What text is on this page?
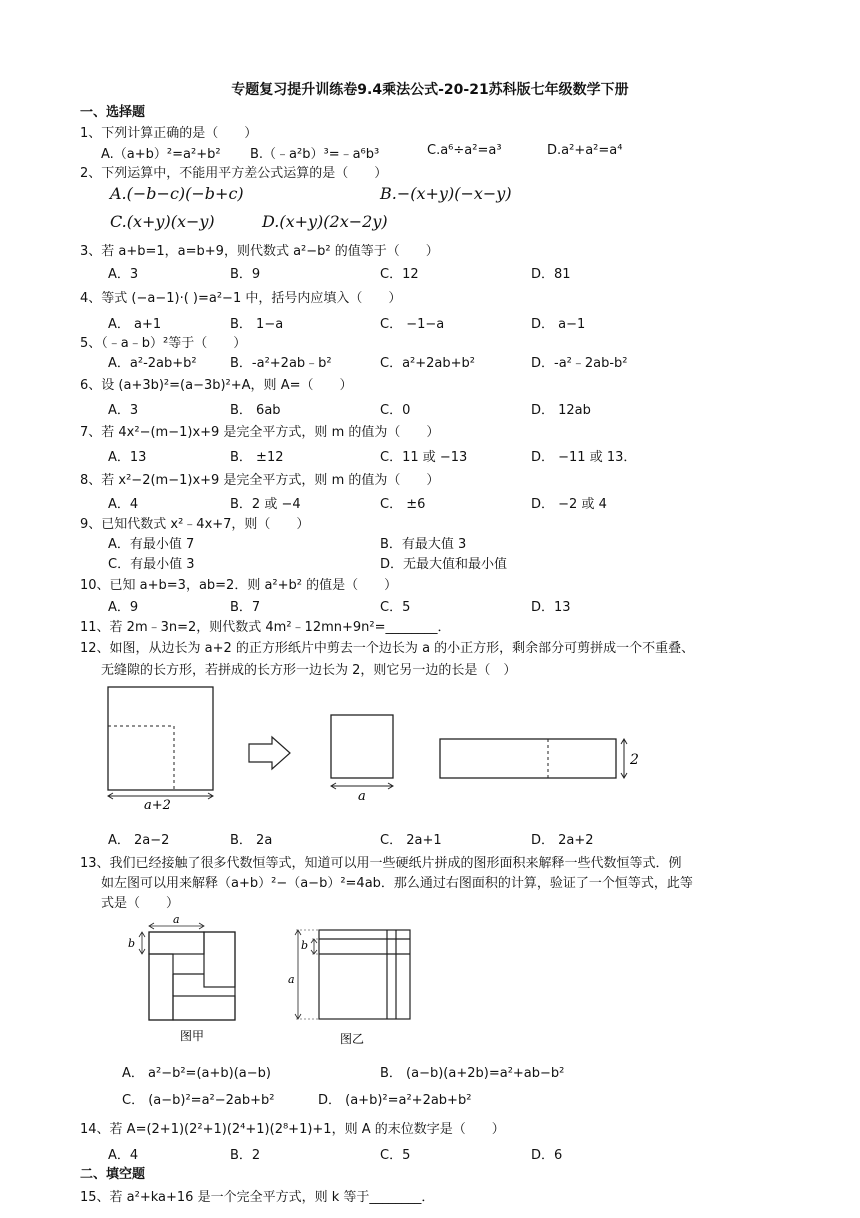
专题复习提升训练卷9.4乘法公式-20-21苏科版七年级数学下册
一、选择题
1、下列计算正确的是（　　）
A.（a+b）²=a²+b² B.（﹣a²b）³=﹣a⁶b³	C.a⁶÷a²=a³	D.a²+a²=a⁴
2、下列运算中，不能用平方差公式运算的是（　　）
A.(−b−c)(−b+c)	B.−(x+y)(−x−y)
C.(x+y)(x−y)	D.(x+y)(2x−2y)
3、若 a+b=1，a=b+9，则代数式 a²−b² 的值等于（　　）
A．3	B．9	C．12	D．81
4、等式 (−a−1)·( )=a²−1 中，括号内应填入（　　）
A． a+1	B． 1−a	C． −1−a	D． a−1
5、（﹣a﹣b）²等于（　　）
A．a²-2ab+b²	B．-a²+2ab﹣b²	C．a²+2ab+b²	D．-a²﹣2ab-b²
6、设 (a+3b)²=(a−3b)²+A，则 A=（　　）
A．3	B． 6ab	C．0	D． 12ab
7、若 4x²−(m−1)x+9 是完全平方式，则 m 的值为（　　）
A．13	B． ±12	C．11 或 −13	D． −11 或 13．
8、若 x²−2(m−1)x+9 是完全平方式，则 m 的值为（　　）
A．4	B．2 或 −4	C． ±6	D． −2 或 4
9、已知代数式 x²﹣4x+7，则（　　）
A．有最小值 7	B．有最大值 3
C．有最小值 3	D．无最大值和最小值
10、已知 a+b=3，ab=2．则 a²+b² 的值是（　　）
A．9	B．7	C．5	D．13
11、若 2m﹣3n=2，则代数式 4m²﹣12mn+9n²=________．
12、如图，从边长为 a+2 的正方形纸片中剪去一个边长为 a 的小正方形，剩余部分可剪拼成一个不重叠、
无缝隙的长方形，若拼成的长方形一边长为 2，则它另一边的长是（　）
a+2
a
2
A． 2a−2	B． 2a	C． 2a+1	D． 2a+2
13、我们已经接触了很多代数恒等式，知道可以用一些硬纸片拼成的图形面积来解释一些代数恒等式．例
如左图可以用来解释（a+b）²−（a−b）²=4ab．那么通过右图面积的计算，验证了一个恒等式，此等
式是（　　）
a
b
图甲
a
b
图乙
A． a²−b²=(a+b)(a−b)	B． (a−b)(a+2b)=a²+ab−b²
C． (a−b)²=a²−2ab+b²	D． (a+b)²=a²+2ab+b²
14、若 A=(2+1)(2²+1)(2⁴+1)(2⁸+1)+1，则 A 的末位数字是（　　）
A．4	B．2	C．5	D．6
二、填空题
15、若 a²+ka+16 是一个完全平方式，则 k 等于________．
